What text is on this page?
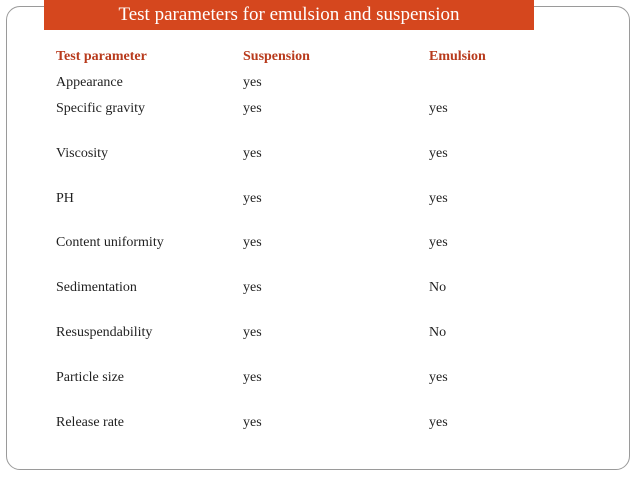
Test parameters for emulsion and suspension
Test parameter	Suspension	Emulsion
Appearance	yes
Specific gravity	yes	yes
Viscosity	yes	yes
PH	yes	yes
Content uniformity	yes	yes
Sedimentation	yes	No
Resuspendability	yes	No
Particle size	yes	yes
Release rate	yes	yes
